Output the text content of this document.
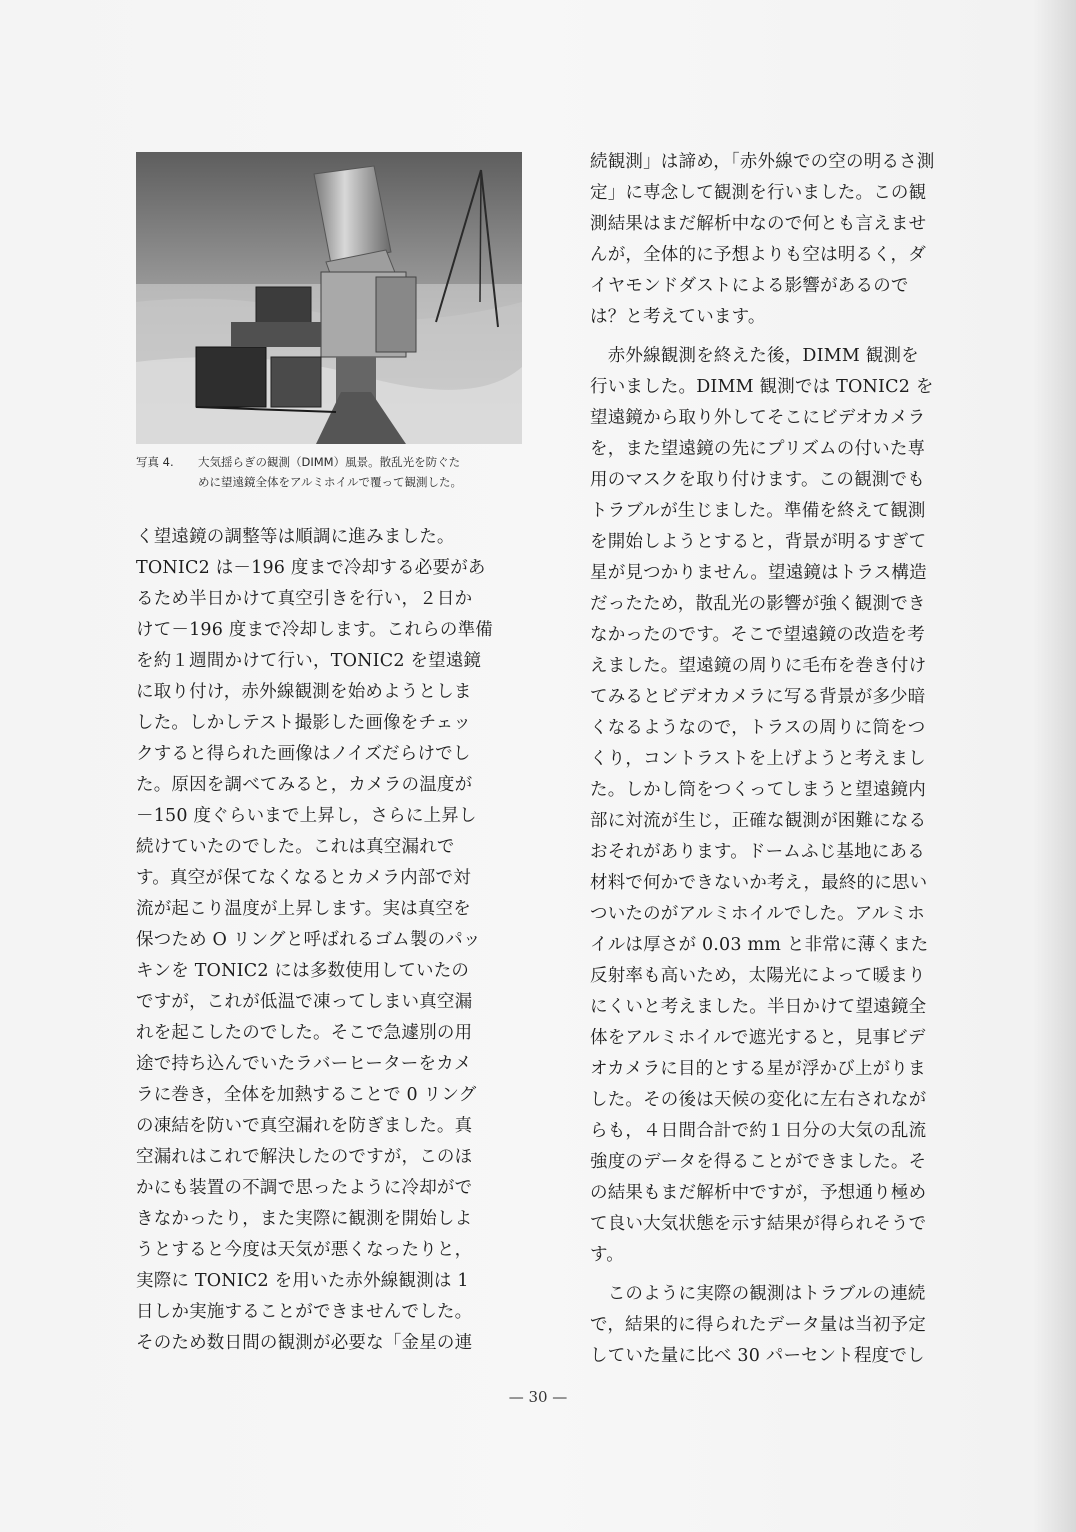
写真 4.	大気揺らぎの観測（DIMM）風景。散乱光を防ぐた
めに望遠鏡全体をアルミホイルで覆って観測した。
く望遠鏡の調整等は順調に進みました。
TONIC2 は－196 度まで冷却する必要があ
るため半日かけて真空引きを行い，２日か
けて－196 度まで冷却します。これらの準備
を約１週間かけて行い，TONIC2 を望遠鏡
に取り付け，赤外線観測を始めようとしま
した。しかしテスト撮影した画像をチェッ
クすると得られた画像はノイズだらけでし
た。原因を調べてみると，カメラの温度が
－150 度ぐらいまで上昇し，さらに上昇し
続けていたのでした。これは真空漏れで
す。真空が保てなくなるとカメラ内部で対
流が起こり温度が上昇します。実は真空を
保つため O リングと呼ばれるゴム製のパッ
キンを TONIC2 には多数使用していたの
ですが，これが低温で凍ってしまい真空漏
れを起こしたのでした。そこで急遽別の用
途で持ち込んでいたラバーヒーターをカメ
ラに巻き，全体を加熱することで 0 リング
の凍結を防いで真空漏れを防ぎました。真
空漏れはこれで解決したのですが，このほ
かにも装置の不調で思ったように冷却がで
きなかったり，また実際に観測を開始しよ
うとすると今度は天気が悪くなったりと，
実際に TONIC2 を用いた赤外線観測は 1
日しか実施することができませんでした。
そのため数日間の観測が必要な「金星の連
続観測」は諦め，「赤外線での空の明るさ測
定」に専念して観測を行いました。この観
測結果はまだ解析中なので何とも言えませ
んが，全体的に予想よりも空は明るく，ダ
イヤモンドダストによる影響があるので
は？と考えています。
　赤外線観測を終えた後，DIMM 観測を
行いました。DIMM 観測では TONIC2 を
望遠鏡から取り外してそこにビデオカメラ
を，また望遠鏡の先にプリズムの付いた専
用のマスクを取り付けます。この観測でも
トラブルが生じました。準備を終えて観測
を開始しようとすると，背景が明るすぎて
星が見つかりません。望遠鏡はトラス構造
だったため，散乱光の影響が強く観測でき
なかったのです。そこで望遠鏡の改造を考
えました。望遠鏡の周りに毛布を巻き付け
てみるとビデオカメラに写る背景が多少暗
くなるようなので，トラスの周りに筒をつ
くり，コントラストを上げようと考えまし
た。しかし筒をつくってしまうと望遠鏡内
部に対流が生じ，正確な観測が困難になる
おそれがあります。ドームふじ基地にある
材料で何かできないか考え，最終的に思い
ついたのがアルミホイルでした。アルミホ
イルは厚さが 0.03 mm と非常に薄くまた
反射率も高いため，太陽光によって暖まり
にくいと考えました。半日かけて望遠鏡全
体をアルミホイルで遮光すると，見事ビデ
オカメラに目的とする星が浮かび上がりま
した。その後は天候の変化に左右されなが
らも，４日間合計で約１日分の大気の乱流
強度のデータを得ることができました。そ
の結果もまだ解析中ですが，予想通り極め
て良い大気状態を示す結果が得られそうで
す。
　このように実際の観測はトラブルの連続
で，結果的に得られたデータ量は当初予定
していた量に比べ 30 パーセント程度でし
— 30 —
